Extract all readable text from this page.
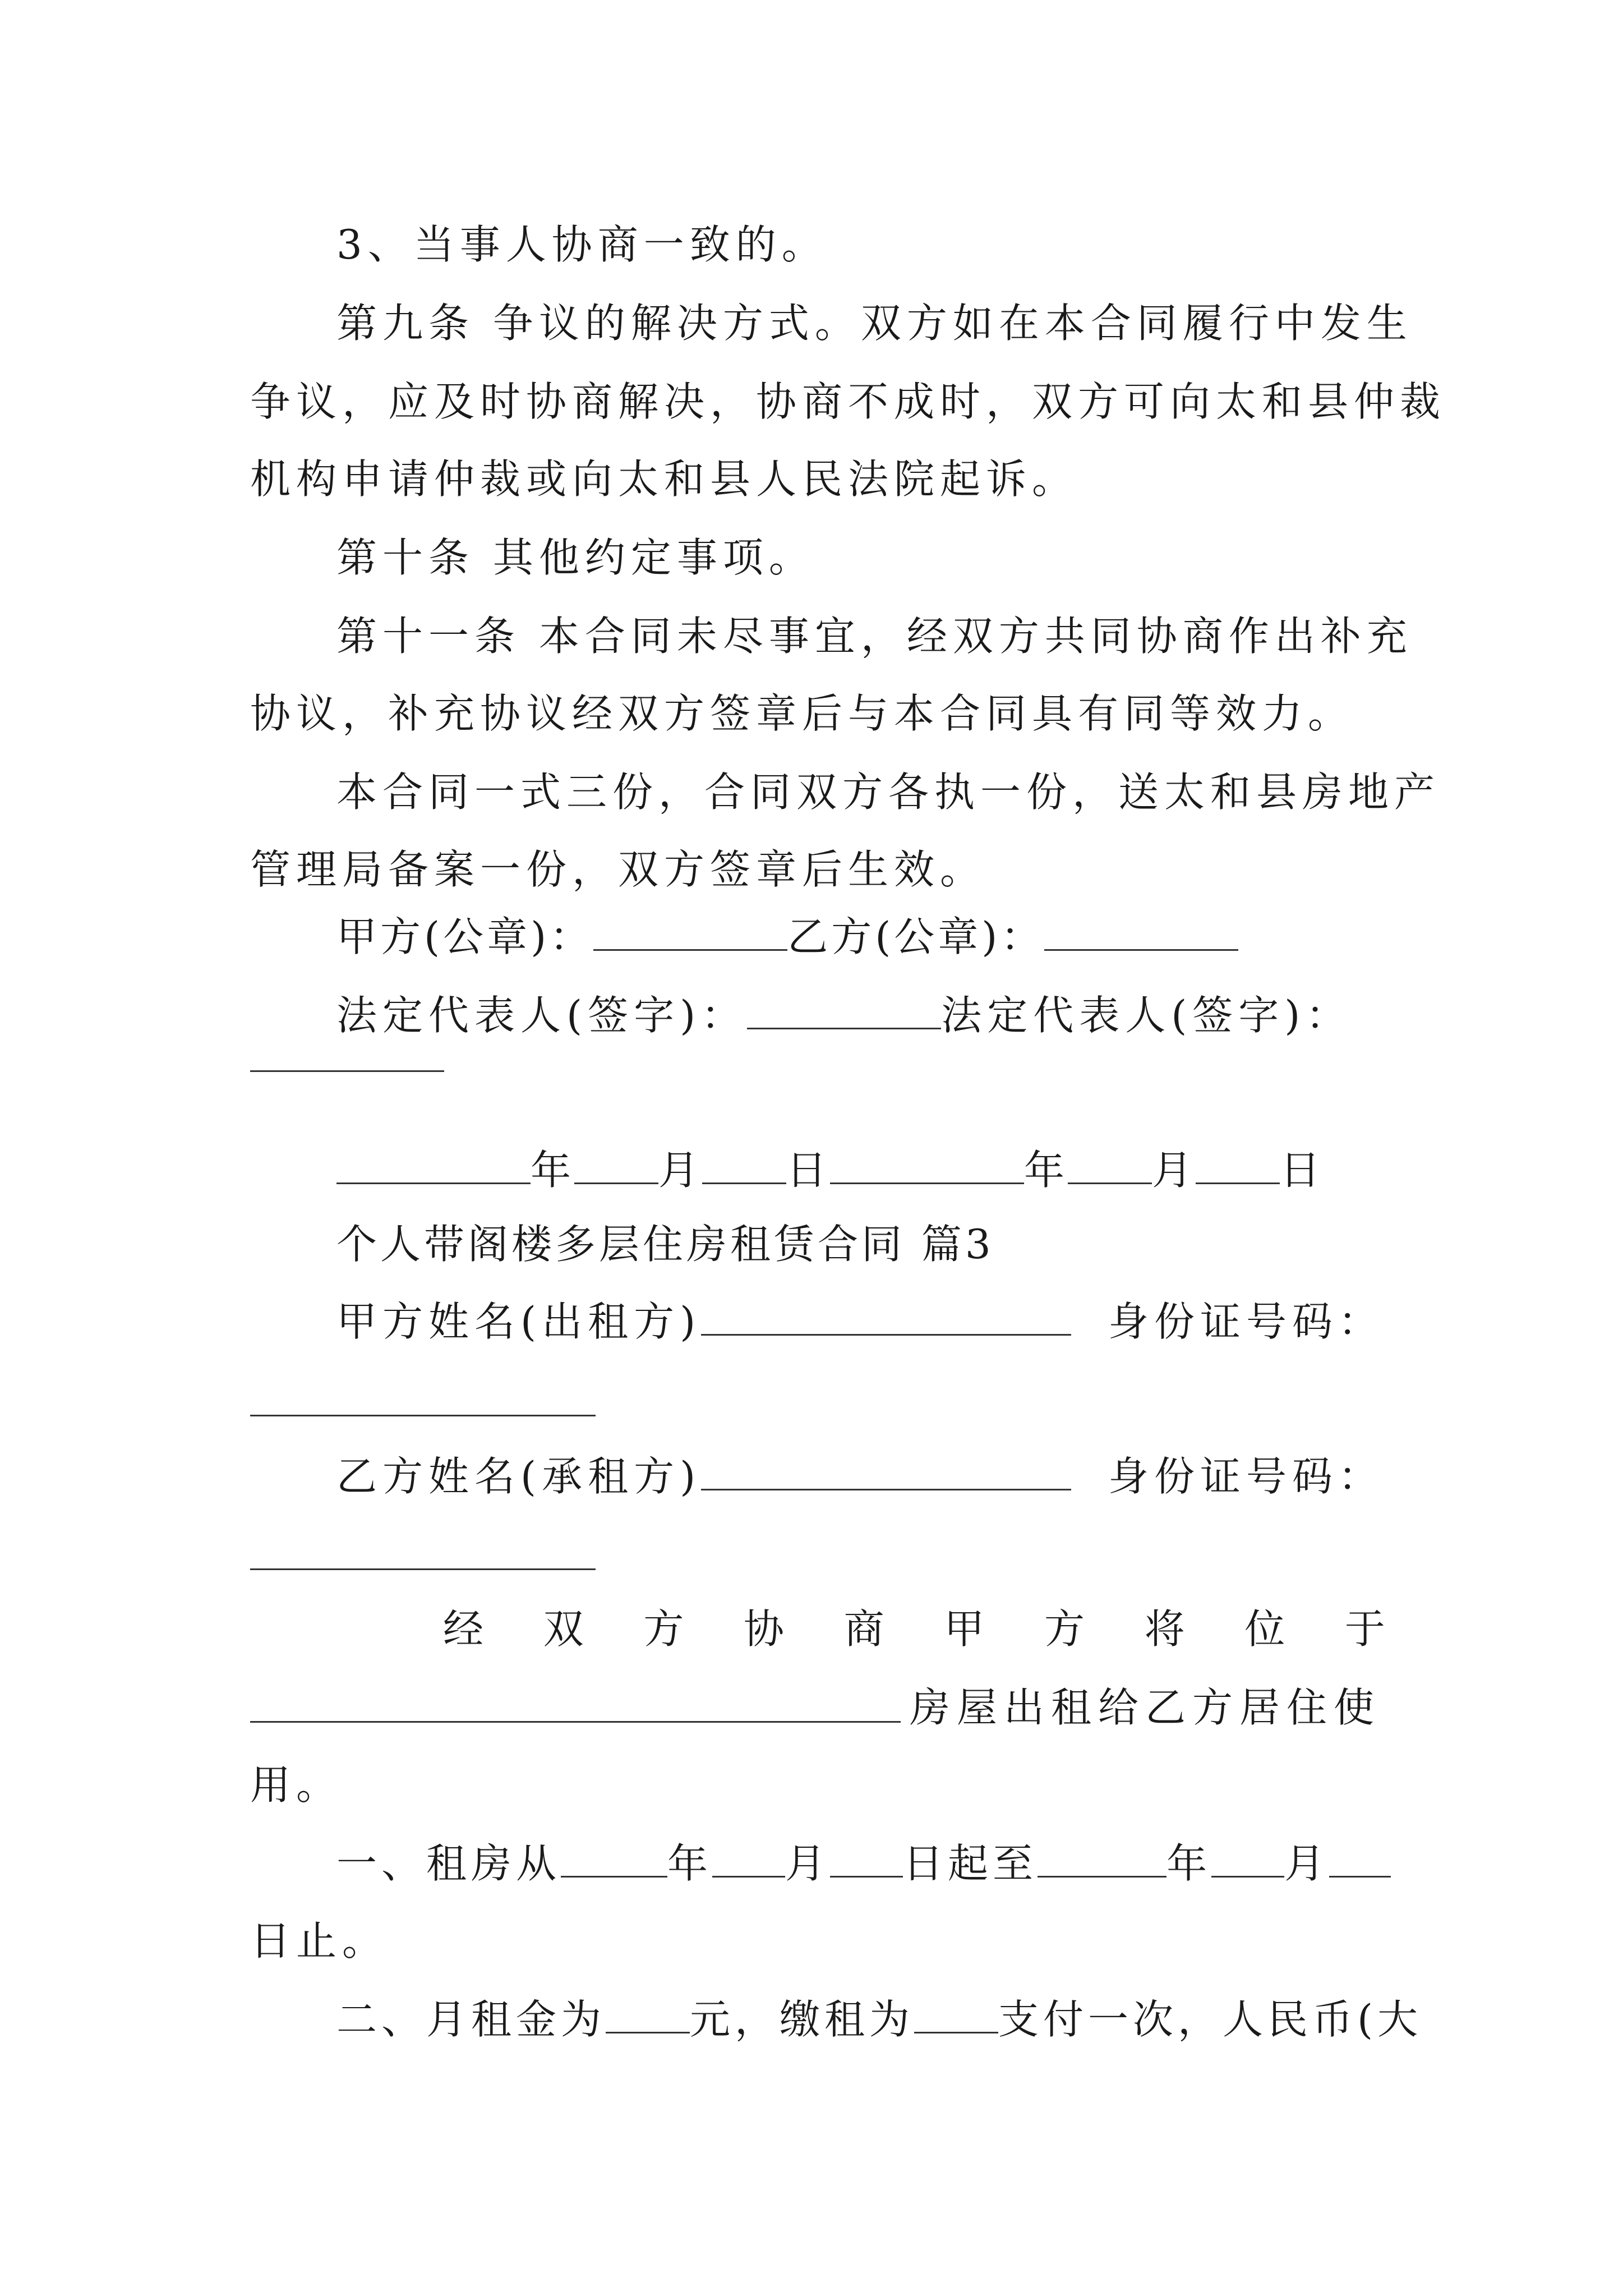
3、当事人协商一致的。
第九条 争议的解决方式。双方如在本合同履行中发生
争议，应及时协商解决，协商不成时，双方可向太和县仲裁
机构申请仲裁或向太和县人民法院起诉。
第十条 其他约定事项。
第十一条 本合同未尽事宜，经双方共同协商作出补充
协议，补充协议经双方签章后与本合同具有同等效力。
本合同一式三份，合同双方各执一份，送太和县房地产
管理局备案一份，双方签章后生效。
甲方(公章)：	乙方(公章)：
法定代表人(签字)：	法定代表人(签字)：
年 月 日	年 月 日
个人带阁楼多层住房租赁合同 篇3
甲方姓名(出租方)	身份证号码：
乙方姓名(承租方)	身份证号码：
经 双 方 协 商 甲 方 将 位 于
房屋出租给乙方居住使
用。
一、租房从	年 月 日起至	年 月
日止。
二、月租金为 元，缴租为 支付一次，人民币(大
